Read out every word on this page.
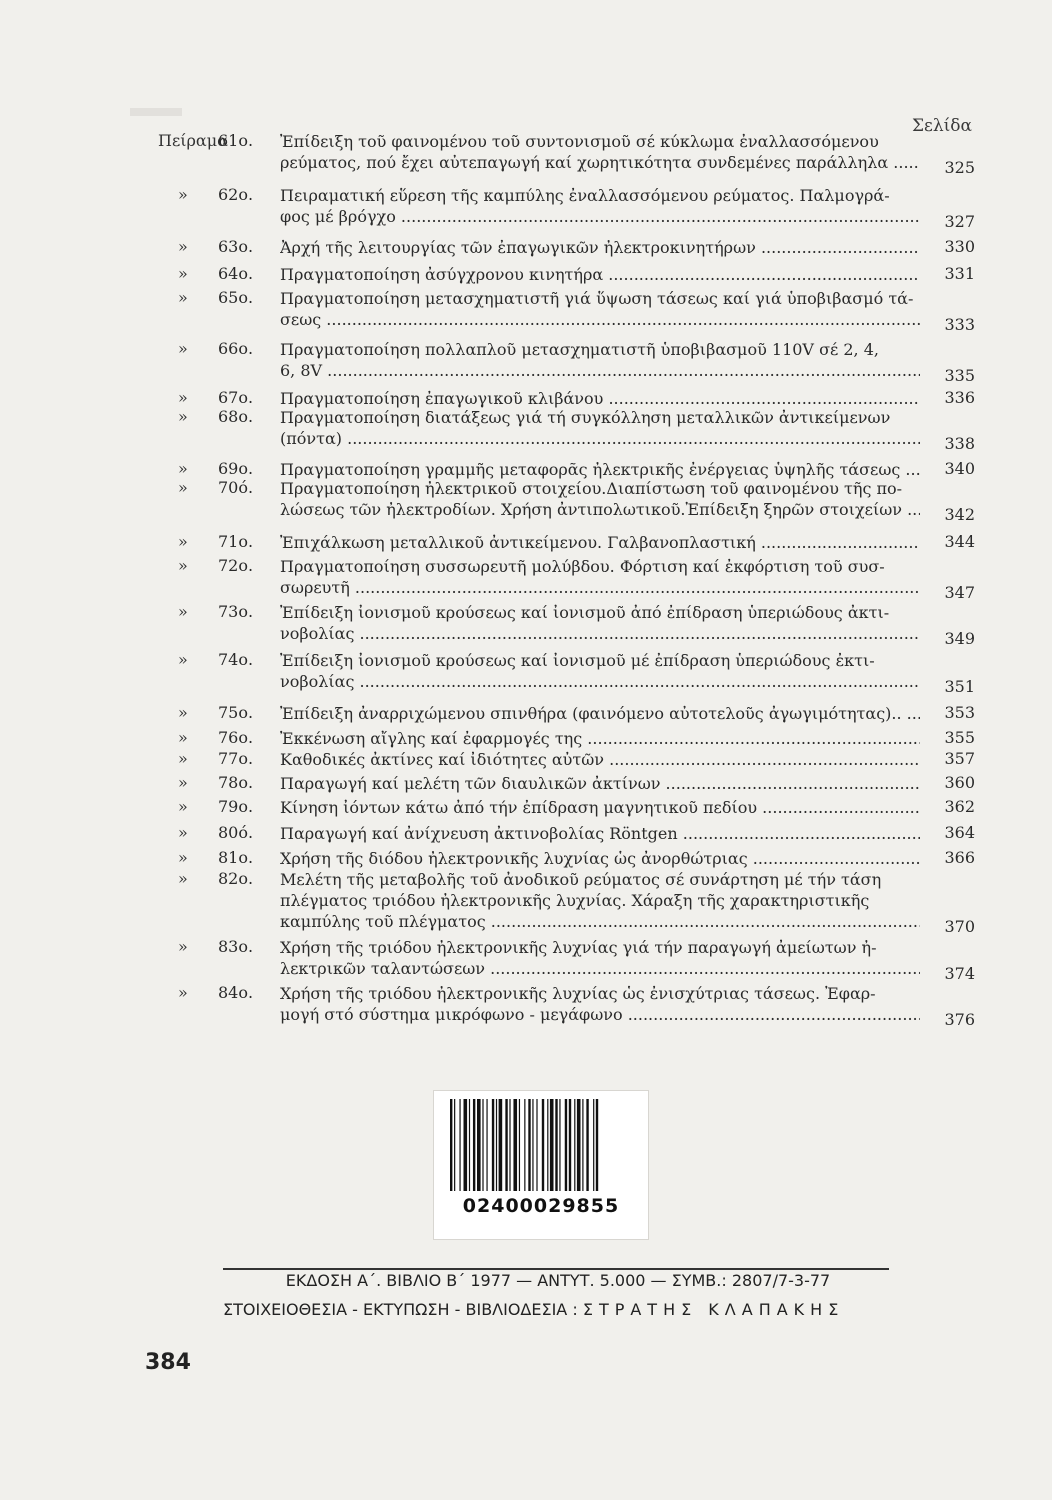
Σελίδα
Πείραμα
61ο. Ἐπίδειξη τοῦ φαινομένου τοῦ συντονισμοῦ σέ κύκλωμα ἐναλλασσόμενου
ρεύματος, πού ἔχει αὐτεπαγωγή καί χωρητικότητα συνδεμένες παράλληλα .....	325
» 62ο. Πειραματική εὕρεση τῆς καμπύλης ἐναλλασσόμενου ρεύματος. Παλμογρά-
φος μέ βρόγχο .....	327
» 63ο. Ἀρχή τῆς λειτουργίας τῶν ἐπαγωγικῶν ἠλεκτροκινητήρων .....	330
» 64ο. Πραγματοποίηση ἀσύγχρονου κινητήρα .....	331
» 65ο. Πραγματοποίηση μετασχηματιστῆ γιά ὕψωση τάσεως καί γιά ὑποβιβασμό τά-
σεως .....	333
» 66ο. Πραγματοποίηση πολλαπλοῦ μετασχηματιστῆ ὑποβιβασμοῦ 110V σέ 2, 4,
6, 8V .....	335
» 67ο. Πραγματοποίηση ἐπαγωγικοῦ κλιβάνου .....	336
» 68ο. Πραγματοποίηση διατάξεως γιά τή συγκόλληση μεταλλικῶν ἀντικείμενων
(πόντα) .....	338
» 69ο. Πραγματοποίηση γραμμῆς μεταφορᾶς ἠλεκτρικῆς ἐνέργειας ὑψηλῆς τάσεως .....	340
» 70ό. Πραγματοποίηση ἠλεκτρικοῦ στοιχείου.Διαπίστωση τοῦ φαινομένου τῆς πο-
λώσεως τῶν ἠλεκτροδίων. Χρήση ἀντιπολωτικοῦ.Ἐπίδειξη ξηρῶν στοιχείων .....	342
» 71ο. Ἐπιχάλκωση μεταλλικοῦ ἀντικείμενου. Γαλβανοπλαστική .....	344
» 72ο. Πραγματοποίηση συσσωρευτῆ μολύβδου. Φόρτιση καί ἐκφόρτιση τοῦ συσ-
σωρευτῆ .....	347
» 73ο. Ἐπίδειξη ἰονισμοῦ κρούσεως καί ἰονισμοῦ ἀπό ἐπίδραση ὑπεριώδους ἀκτι-
νοβολίας .....	349
» 74ο. Ἐπίδειξη ἰονισμοῦ κρούσεως καί ἰονισμοῦ μέ ἐπίδραση ὑπεριώδους ἐκτι-
νοβολίας .....	351
» 75ο. Ἐπίδειξη ἀναρριχώμενου σπινθήρα (φαινόμενο αὐτοτελοῦς ἀγωγιμότητας).. .....	353
» 76ο. Ἐκκένωση αἴγλης καί ἐφαρμογές της .....	355
» 77ο. Καθοδικές ἀκτίνες καί ἰδιότητες αὐτῶν .....	357
» 78ο. Παραγωγή καί μελέτη τῶν διαυλικῶν ἀκτίνων .....	360
» 79ο. Κίνηση ἰόντων κάτω ἀπό τήν ἐπίδραση μαγνητικοῦ πεδίου .....	362
» 80ό. Παραγωγή καί ἀνίχνευση ἀκτινοβολίας Röntgen .....	364
» 81ο. Χρήση τῆς διόδου ἠλεκτρονικῆς λυχνίας ὡς ἀνορθώτριας .....	366
» 82ο. Μελέτη τῆς μεταβολῆς τοῦ ἀνοδικοῦ ρεύματος σέ συνάρτηση μέ τήν τάση
πλέγματος τριόδου ἠλεκτρονικῆς λυχνίας. Χάραξη τῆς χαρακτηριστικῆς
καμπύλης τοῦ πλέγματος .....	370
» 83ο. Χρήση τῆς τριόδου ἠλεκτρονικῆς λυχνίας γιά τήν παραγωγή ἀμείωτων ἠ-
λεκτρικῶν ταλαντώσεων .....	374
» 84ο. Χρήση τῆς τριόδου ἠλεκτρονικῆς λυχνίας ὡς ἐνισχύτριας τάσεως. Ἐφαρ-
μογή στό σύστημα μικρόφωνο - μεγάφωνο .....	376
02400029855
ΕΚΔΟΣΗ Α΄. ΒΙΒΛΙΟ Β΄ 1977 — ΑΝΤΥΤ. 5.000 — ΣΥΜΒ.: 2807/7-3-77
ΣΤΟΙΧΕΙΟΘΕΣΙΑ - ΕΚΤΥΠΩΣΗ - ΒΙΒΛΙΟΔΕΣΙΑ : ΣΤΡΑΤΗΣ ΚΛΑΠΑΚΗΣ
384
